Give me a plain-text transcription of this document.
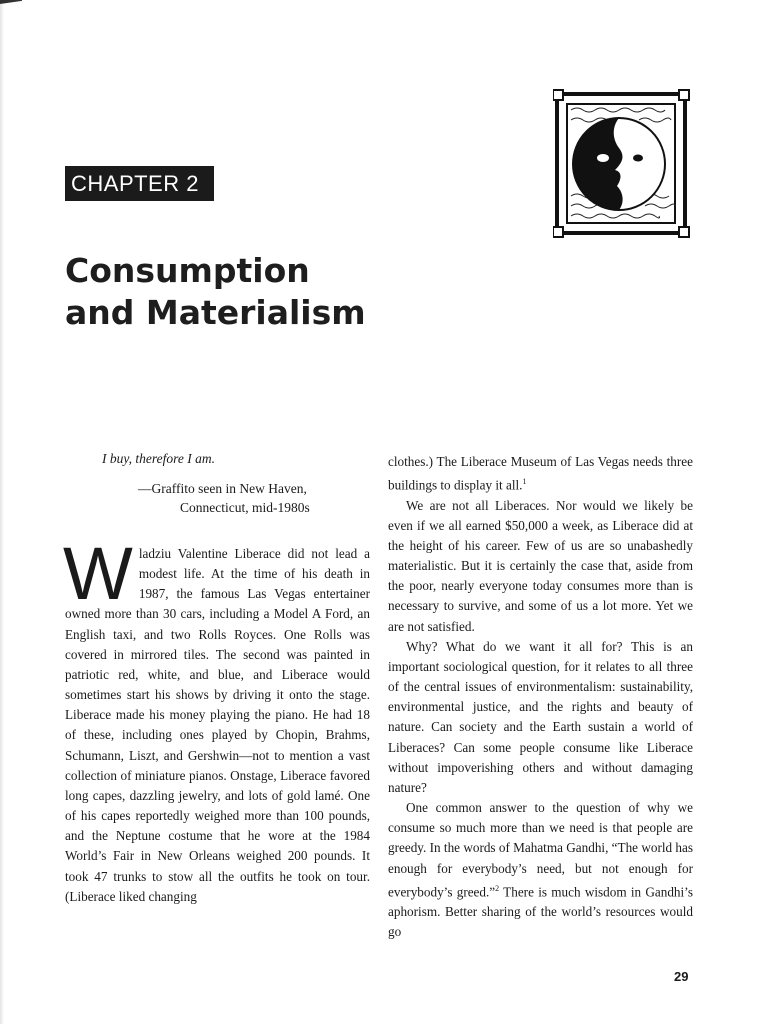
CHAPTER 2
Consumption
and Materialism
I buy, therefore I am.
—Graffito seen in New Haven,
Connecticut, mid-1980s

Wladziu Valentine Liberace did not lead a modest life. At the time of his death in 1987, the famous Las Vegas entertainer owned more than 30 cars, including a Model A Ford, an English taxi, and two Rolls Royces. One Rolls was covered in mirrored tiles. The second was painted in patriotic red, white, and blue, and Liberace would sometimes start his shows by driving it onto the stage. Liberace made his money playing the piano. He had 18 of these, including ones played by Chopin, Brahms, Schumann, Liszt, and Gershwin—not to mention a vast collection of miniature pianos. Onstage, Liberace favored long capes, dazzling jewelry, and lots of gold lamé. One of his capes reportedly weighed more than 100 pounds, and the Neptune costume that he wore at the 1984 World’s Fair in New Orleans weighed 200 pounds. It took 47 trunks to stow all the outfits he took on tour. (Liberace liked changing

clothes.) The Liberace Museum of Las Vegas needs three buildings to display it all.$^1$

We are not all Liberaces. Nor would we likely be even if we all earned $50,000 a week, as Liberace did at the height of his career. Few of us are so unabashedly materialistic. But it is certainly the case that, aside from the poor, nearly everyone today consumes more than is necessary to survive, and some of us a lot more. Yet we are not satisfied.

Why? What do we want it all for? This is an important sociological question, for it relates to all three of the central issues of environmentalism: sustainability, environmental justice, and the rights and beauty of nature. Can society and the Earth sustain a world of Liberaces? Can some people consume like Liberace without impoverishing others and without damaging nature?

One common answer to the question of why we consume so much more than we need is that people are greedy. In the words of Mahatma Gandhi, “The world has enough for everybody’s need, but not enough for everybody’s greed.”$^2$ There is much wisdom in Gandhi’s aphorism. Better sharing of the world’s resources would go

29
